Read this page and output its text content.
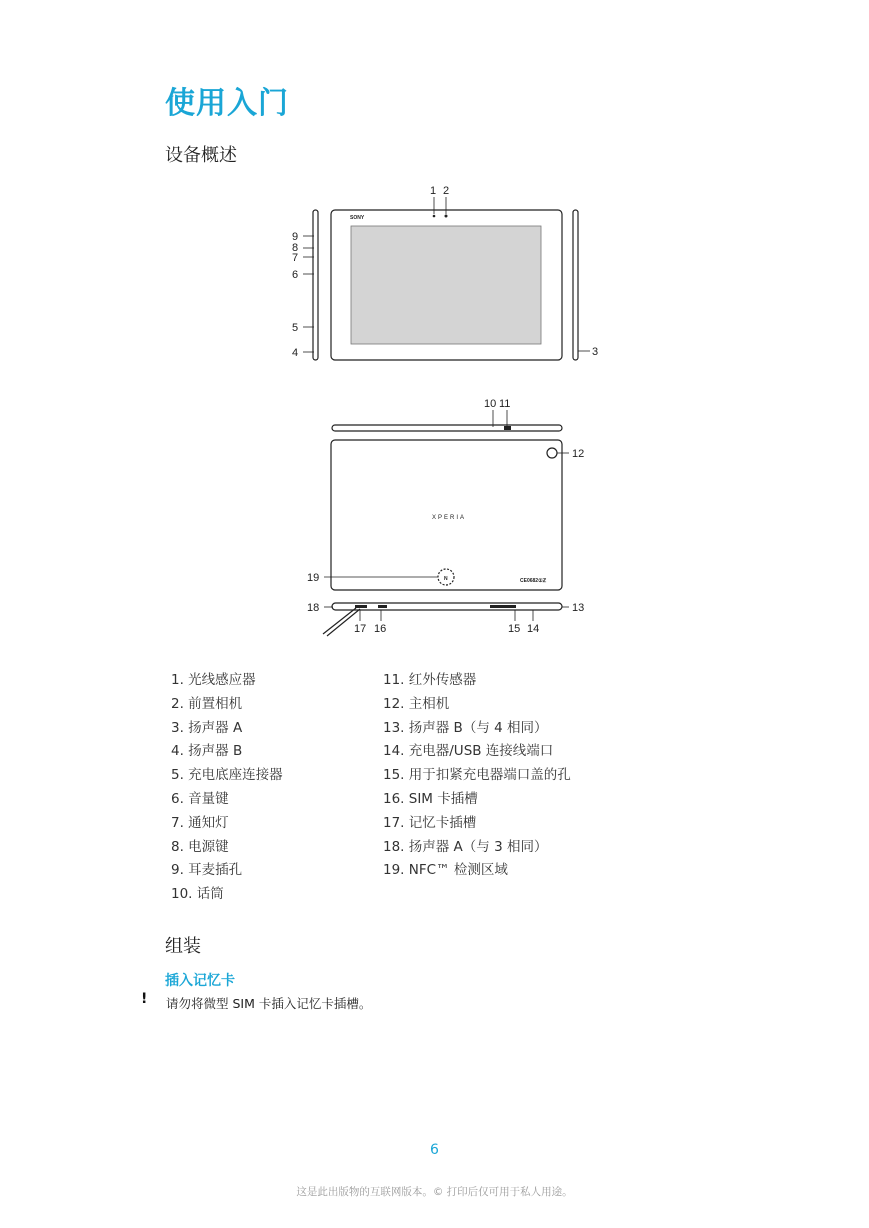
使用入门
设备概述
1 2
3
4
5
6
7
8
9
10 11
12
13
14
15
16
17
18
19
SONY
XPERIA
N	CE0682①ℤ
1. 光线感应器
2. 前置相机
3. 扬声器 A
4. 扬声器 B
5. 充电底座连接器
6. 音量键
7. 通知灯
8. 电源键
9. 耳麦插孔
10. 话筒
11. 红外传感器
12. 主相机
13. 扬声器 B（与 4 相同）
14. 充电器/USB 连接线端口
15. 用于扣紧充电器端口盖的孔
16. SIM 卡插槽
17. 记忆卡插槽
18. 扬声器 A（与 3 相同）
19. NFC™ 检测区域
组装
插入记忆卡
! 请勿将微型 SIM 卡插入记忆卡插槽。
6
这是此出版物的互联网版本。© 打印后仅可用于私人用途。
